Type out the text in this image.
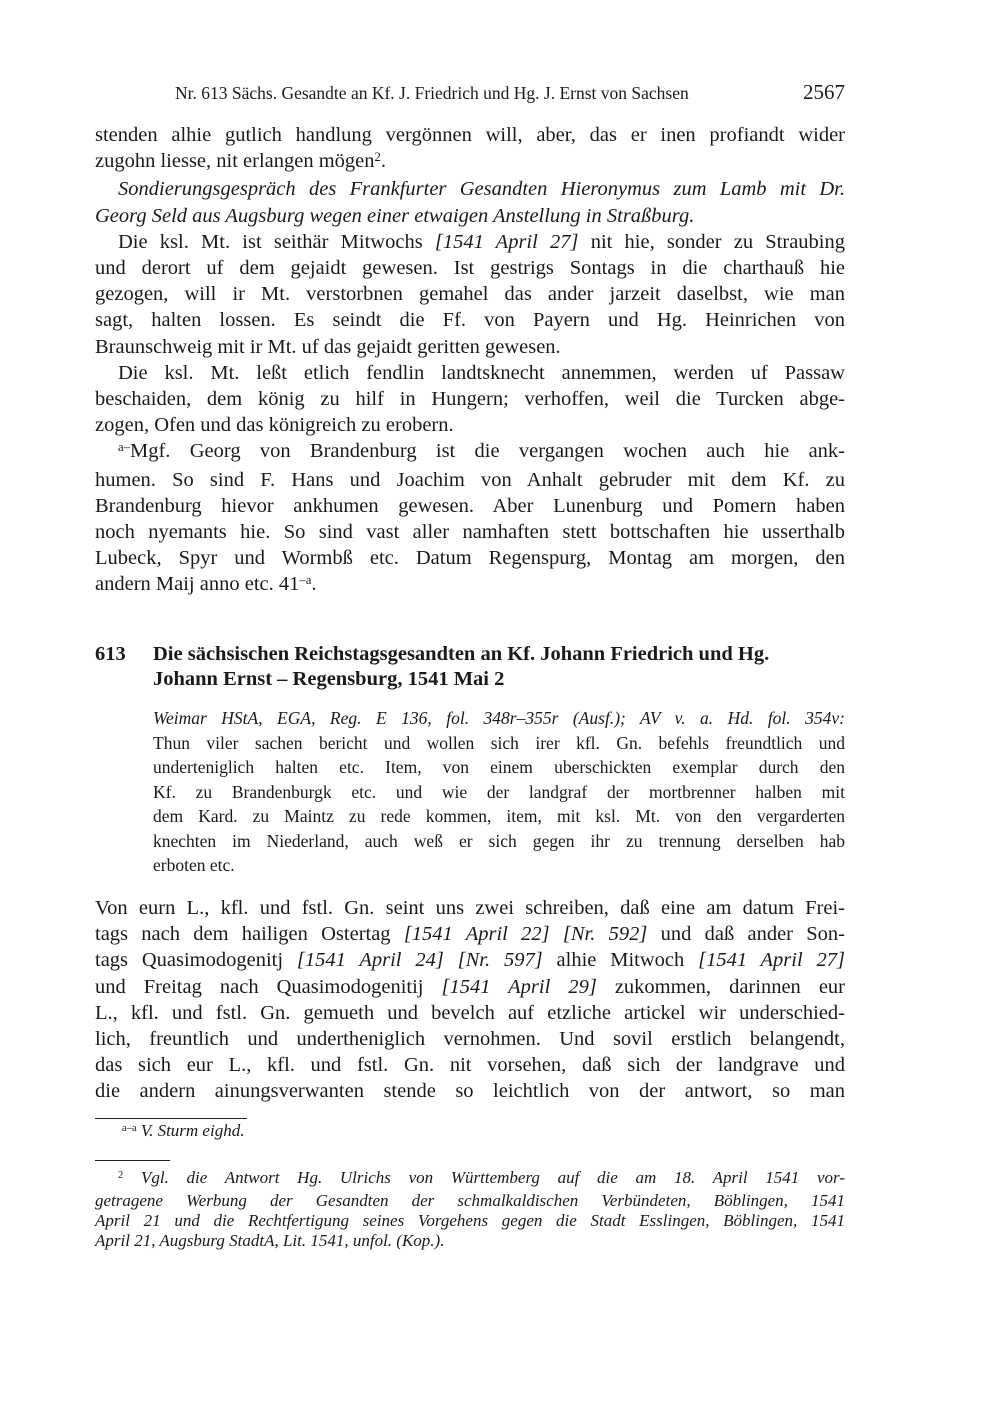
Nr. 613 Sächs. Gesandte an Kf. J. Friedrich und Hg. J. Ernst von Sachsen	2567
stenden alhie gutlich handlung vergönnen will, aber, das er inen profiandt wider
zugohn liesse, nit erlangen mögen$^2$.
Sondierungsgespräch des Frankfurter Gesandten Hieronymus zum Lamb mit Dr.
Georg Seld aus Augsburg wegen einer etwaigen Anstellung in Straßburg.
Die ksl. Mt. ist seithär Mitwochs [1541 April 27] nit hie, sonder zu Straubing
und derort uf dem gejaidt gewesen. Ist gestrigs Sontags in die charthauß hie
gezogen, will ir Mt. verstorbnen gemahel das ander jarzeit daselbst, wie man
sagt, halten lossen. Es seindt die Ff. von Payern und Hg. Heinrichen von
Braunschweig mit ir Mt. uf das gejaidt geritten gewesen.
Die ksl. Mt. leßt etlich fendlin landtsknecht annemmen, werden uf Passaw
beschaiden, dem könig zu hilf in Hungern; verhoffen, weil die Turcken abge-
zogen, Ofen und das königreich zu erobern.
$^{a-}$Mgf. Georg von Brandenburg ist die vergangen wochen auch hie ank-
humen. So sind F. Hans und Joachim von Anhalt gebruder mit dem Kf. zu
Brandenburg hievor ankhumen gewesen. Aber Lunenburg und Pomern haben
noch nyemants hie. So sind vast aller namhaften stett bottschaften hie usserthalb
Lubeck, Spyr und Wormbß etc. Datum Regenspurg, Montag am morgen, den
andern Maij anno etc. $41^{-a}$.
613 Die sächsischen Reichstagsgesandten an Kf. Johann Friedrich und Hg.
Johann Ernst – Regensburg, 1541 Mai 2
Weimar HStA, EGA, Reg. E 136, fol. 348r–355r (Ausf.); AV v. a. Hd. fol. 354v:
Thun viler sachen bericht und wollen sich irer kfl. Gn. befehls freundtlich und
underteniglich halten etc. Item, von einem uberschickten exemplar durch den
Kf. zu Brandenburgk etc. und wie der landgraf der mortbrenner halben mit
dem Kard. zu Maintz zu rede kommen, item, mit ksl. Mt. von den vergarderten
knechten im Niederland, auch weß er sich gegen ihr zu trennung derselben hab
erboten etc.
Von eurn L., kfl. und fstl. Gn. seint uns zwei schreiben, daß eine am datum Frei-
tags nach dem hailigen Ostertag [1541 April 22] [Nr. 592] und daß ander Son-
tags Quasimodogenitj [1541 April 24] [Nr. 597] alhie Mitwoch [1541 April 27]
und Freitag nach Quasimodogenitij [1541 April 29] zukommen, darinnen eur
L., kfl. und fstl. Gn. gemueth und bevelch auf etzliche artickel wir underschied-
lich, freuntlich und undertheniglich vernohmen. Und sovil erstlich belangendt,
das sich eur L., kfl. und fstl. Gn. nit vorsehen, daß sich der landgrave und
die andern ainungsverwanten stende so leichtlich von der antwort, so man
$^{a-a}$ V. Sturm eighd.
$^2$ Vgl. die Antwort Hg. Ulrichs von Württemberg auf die am 18. April 1541 vor-
getragene Werbung der Gesandten der schmalkaldischen Verbündeten, Böblingen, 1541
April 21 und die Rechtfertigung seines Vorgehens gegen die Stadt Esslingen, Böblingen, 1541
April 21, Augsburg StadtA, Lit. 1541, unfol. (Kop.).
